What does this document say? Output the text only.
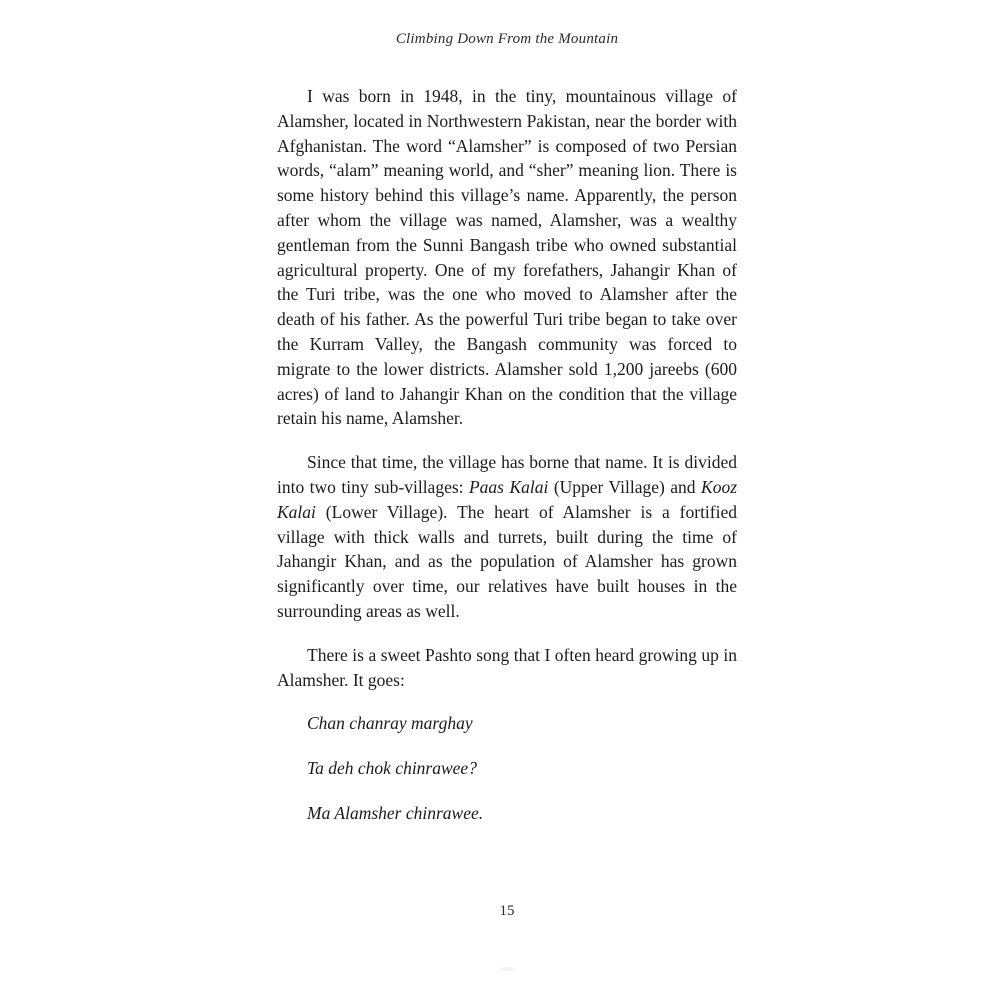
Climbing Down From the Mountain

I was born in 1948, in the tiny, mountainous village of Alamsher, located in Northwestern Pakistan, near the border with Afghanistan. The word “Alamsher” is composed of two Persian words, “alam” meaning world, and “sher” meaning lion. There is some history behind this village’s name. Apparently, the person after whom the village was named, Alamsher, was a wealthy gentleman from the Sunni Bangash tribe who owned substantial agricultural property. One of my forefathers, Jahangir Khan of the Turi tribe, was the one who moved to Alamsher after the death of his father. As the powerful Turi tribe began to take over the Kurram Valley, the Bangash community was forced to migrate to the lower districts. Alamsher sold 1,200 jareebs (600 acres) of land to Jahangir Khan on the condition that the village retain his name, Alamsher.

Since that time, the village has borne that name. It is divided into two tiny sub-villages: Paas Kalai (Upper Village) and Kooz Kalai (Lower Village). The heart of Alamsher is a fortified village with thick walls and turrets, built during the time of Jahangir Khan, and as the population of Alamsher has grown significantly over time, our relatives have built houses in the surrounding areas as well.

There is a sweet Pashto song that I often heard growing up in Alamsher. It goes:

Chan chanray marghay

Ta deh chok chinrawee?

Ma Alamsher chinrawee.

15
